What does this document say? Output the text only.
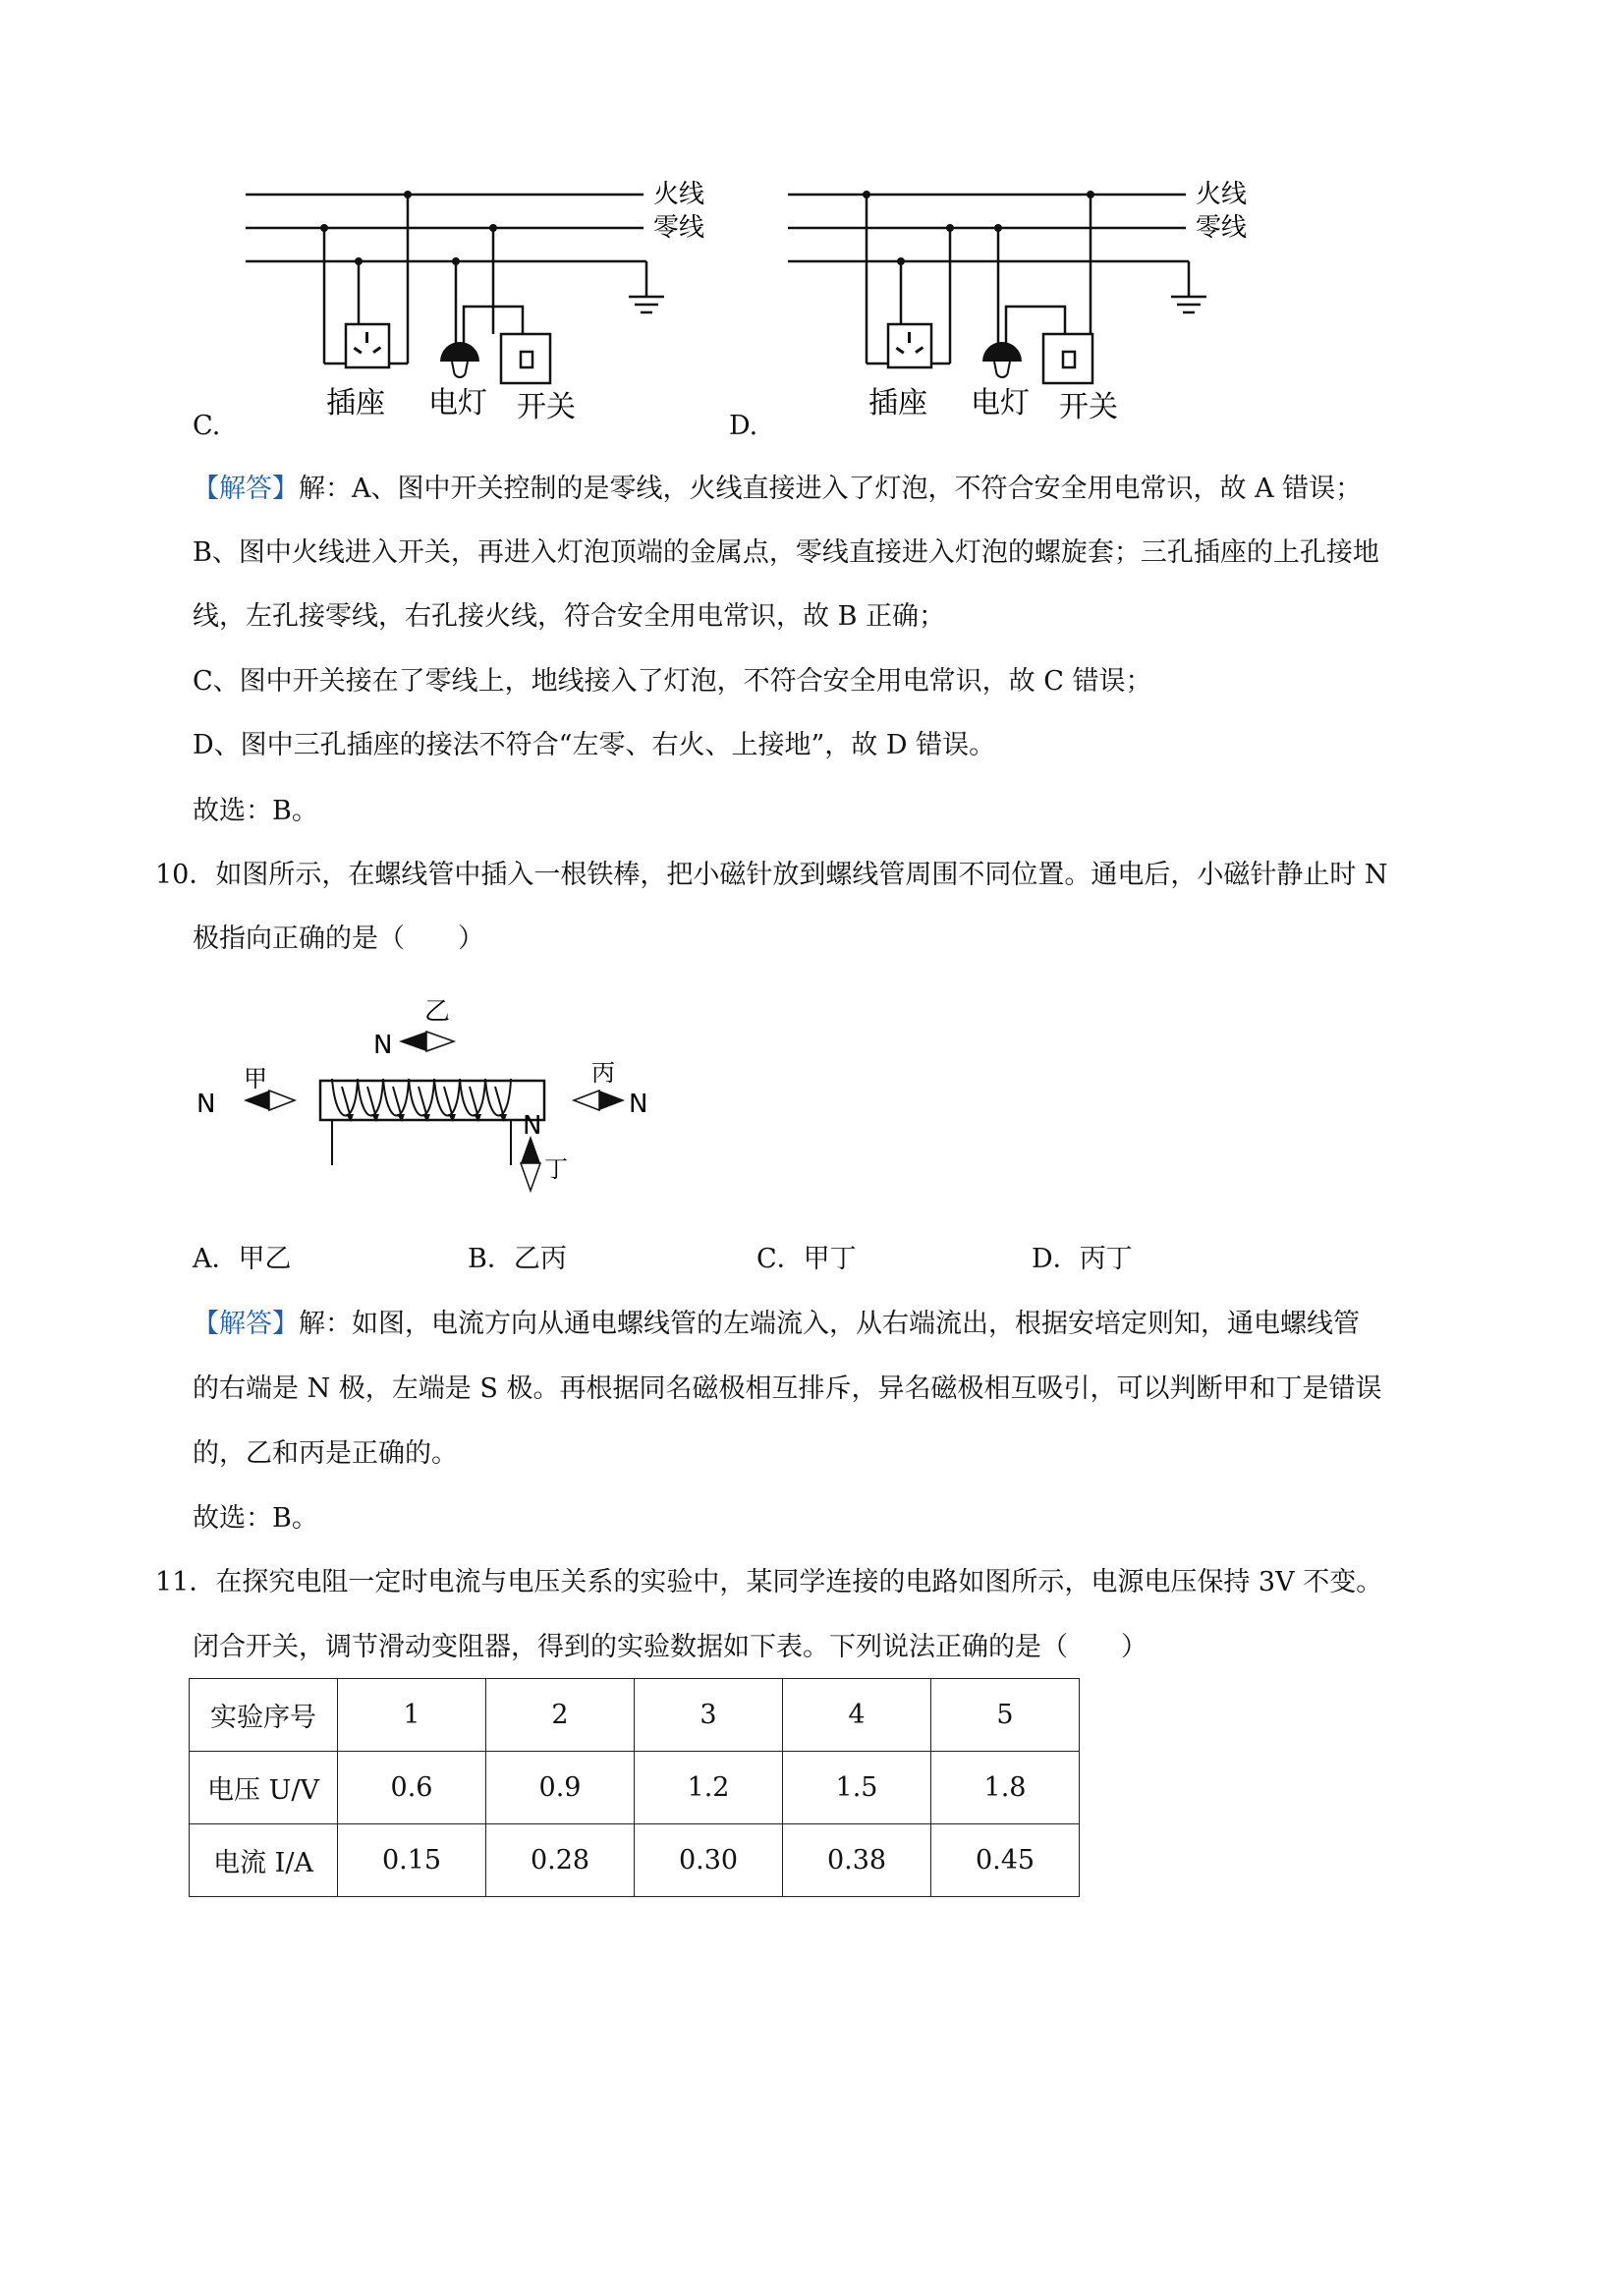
火线
零线
插座 电灯 开关
C.
火线
零线
插座 电灯 开关
D.
【解答】解：A、图中开关控制的是零线，火线直接进入了灯泡，不符合安全用电常识，故 A 错误；
B、图中火线进入开关，再进入灯泡顶端的金属点，零线直接进入灯泡的螺旋套；三孔插座的上孔接地
线，左孔接零线，右孔接火线，符合安全用电常识，故 B 正确；
C、图中开关接在了零线上，地线接入了灯泡，不符合安全用电常识，故 C 错误；
D、图中三孔插座的接法不符合“左零、右火、上接地”，故 D 错误。
故选：B。
10．如图所示，在螺线管中插入一根铁棒，把小磁针放到螺线管周围不同位置。通电后，小磁针静止时 N
极指向正确的是（　　）
N
甲
N
乙
N
丙
N
丁
A．甲乙	B．乙丙	C．甲丁	D．丙丁
【解答】解：如图，电流方向从通电螺线管的左端流入，从右端流出，根据安培定则知，通电螺线管
的右端是 N 极，左端是 S 极。再根据同名磁极相互排斥，异名磁极相互吸引，可以判断甲和丁是错误
的，乙和丙是正确的。
故选：B。
11．在探究电阻一定时电流与电压关系的实验中，某同学连接的电路如图所示，电源电压保持 3V 不变。
闭合开关，调节滑动变阻器，得到的实验数据如下表。下列说法正确的是（　　）
实验序号	1	2	3	4	5
电压 U/V	0.6	0.9	1.2	1.5	1.8
电流 I/A	0.15	0.28	0.30	0.38	0.45
